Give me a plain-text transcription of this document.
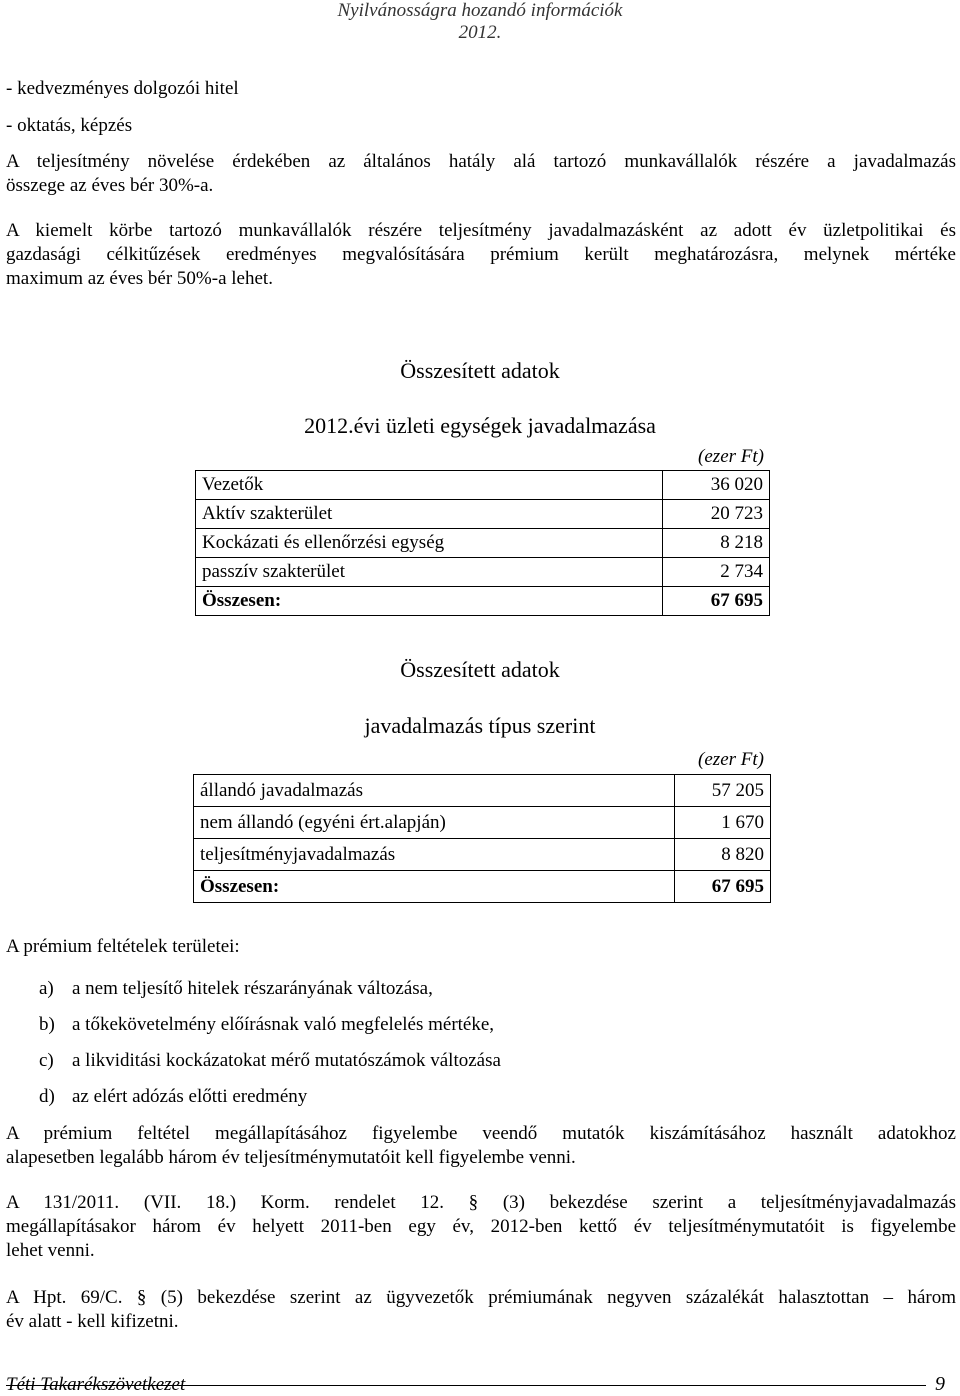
Nyilvánosságra hozandó információk
2012.
- kedvezményes dolgozói hitel
- oktatás, képzés
A teljesítmény növelése érdekében az általános hatály alá tartozó munkavállalók részére a javadalmazás
összege az éves bér 30%-a.
A kiemelt körbe tartozó munkavállalók részére teljesítmény javadalmazásként az adott év üzletpolitikai és
gazdasági célkitűzések eredményes megvalósítására prémium került meghatározásra, melynek mértéke
maximum az éves bér 50%-a lehet.
Összesített adatok
2012.évi üzleti egységek javadalmazása
(ezer Ft)
Vezetők	36 020
Aktív szakterület	20 723
Kockázati és ellenőrzési egység	8 218
passzív szakterület	2 734
Összesen:	67 695
Összesített adatok
javadalmazás típus szerint
(ezer Ft)
állandó javadalmazás	57 205
nem állandó (egyéni ért.alapján)	1 670
teljesítményjavadalmazás	8 820
Összesen:	67 695
A prémium feltételek területei:
a) a nem teljesítő hitelek részarányának változása,
b) a tőkekövetelmény előírásnak való megfelelés mértéke,
c) a likviditási kockázatokat mérő mutatószámok változása
d) az elért adózás előtti eredmény
A prémium feltétel megállapításához figyelembe veendő mutatók kiszámításához használt adatokhoz
alapesetben legalább három év teljesítménymutatóit kell figyelembe venni.
A 131/2011. (VII. 18.) Korm. rendelet 12. § (3) bekezdése szerint a teljesítményjavadalmazás
megállapításakor három év helyett 2011-ben egy év, 2012-ben kettő év teljesítménymutatóit is figyelembe
lehet venni.
A Hpt. 69/C. § (5) bekezdése szerint az ügyvezetők prémiumának negyven százalékát halasztottan – három
év alatt - kell kifizetni.
Téti Takarékszövetkezet	9
